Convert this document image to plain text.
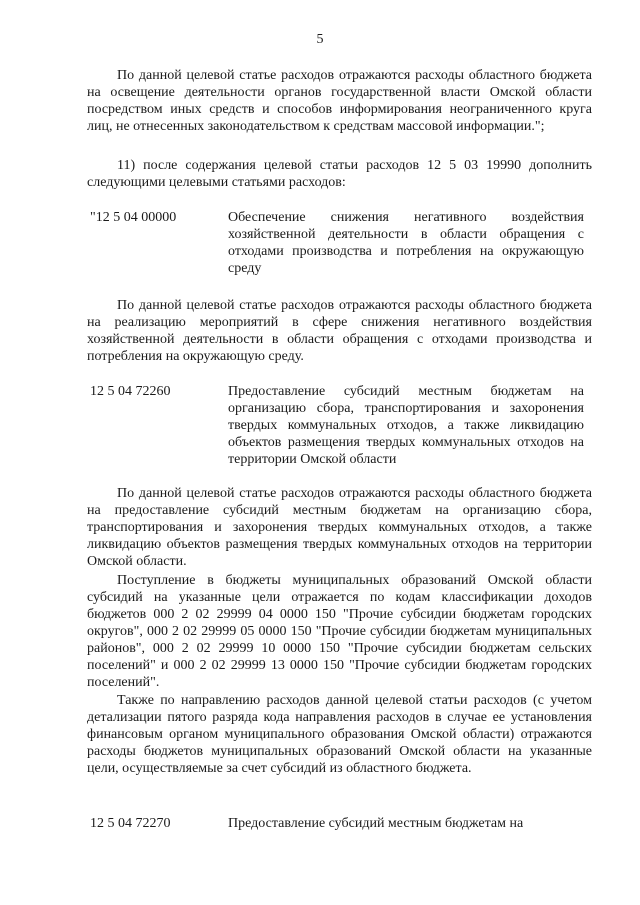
5

По данной целевой статье расходов отражаются расходы областного бюджета на освещение деятельности органов государственной власти Омской области посредством иных средств и способов информирования неограниченного круга лиц, не отнесенных законодательством к средствам массовой информации.";

11) после содержания целевой статьи расходов 12 5 03 19990 дополнить следующими целевыми статьями расходов:

"12 5 04 00000	Обеспечение снижения негативного воздействия хозяйственной деятельности в области обращения с отходами производства и потребления на окружающую среду

По данной целевой статье расходов отражаются расходы областного бюджета на реализацию мероприятий в сфере снижения негативного воздействия хозяйственной деятельности в области обращения с отходами производства и потребления на окружающую среду.

12 5 04 72260	Предоставление субсидий местным бюджетам на организацию сбора, транспортирования и захоронения твердых коммунальных отходов, а также ликвидацию объектов размещения твердых коммунальных отходов на территории Омской области

По данной целевой статье расходов отражаются расходы областного бюджета на предоставление субсидий местным бюджетам на организацию сбора, транспортирования и захоронения твердых коммунальных отходов, а также ликвидацию объектов размещения твердых коммунальных отходов на территории Омской области.

Поступление в бюджеты муниципальных образований Омской области субсидий на указанные цели отражается по кодам классификации доходов бюджетов 000 2 02 29999 04 0000 150 "Прочие субсидии бюджетам городских округов", 000 2 02 29999 05 0000 150 "Прочие субсидии бюджетам муниципальных районов", 000 2 02 29999 10 0000 150 "Прочие субсидии бюджетам сельских поселений" и 000 2 02 29999 13 0000 150 "Прочие субсидии бюджетам городских поселений".

Также по направлению расходов данной целевой статьи расходов (с учетом детализации пятого разряда кода направления расходов в случае ее установления финансовым органом муниципального образования Омской области) отражаются расходы бюджетов муниципальных образований Омской области на указанные цели, осуществляемые за счет субсидий из областного бюджета.

12 5 04 72270	Предоставление субсидий местным бюджетам на
